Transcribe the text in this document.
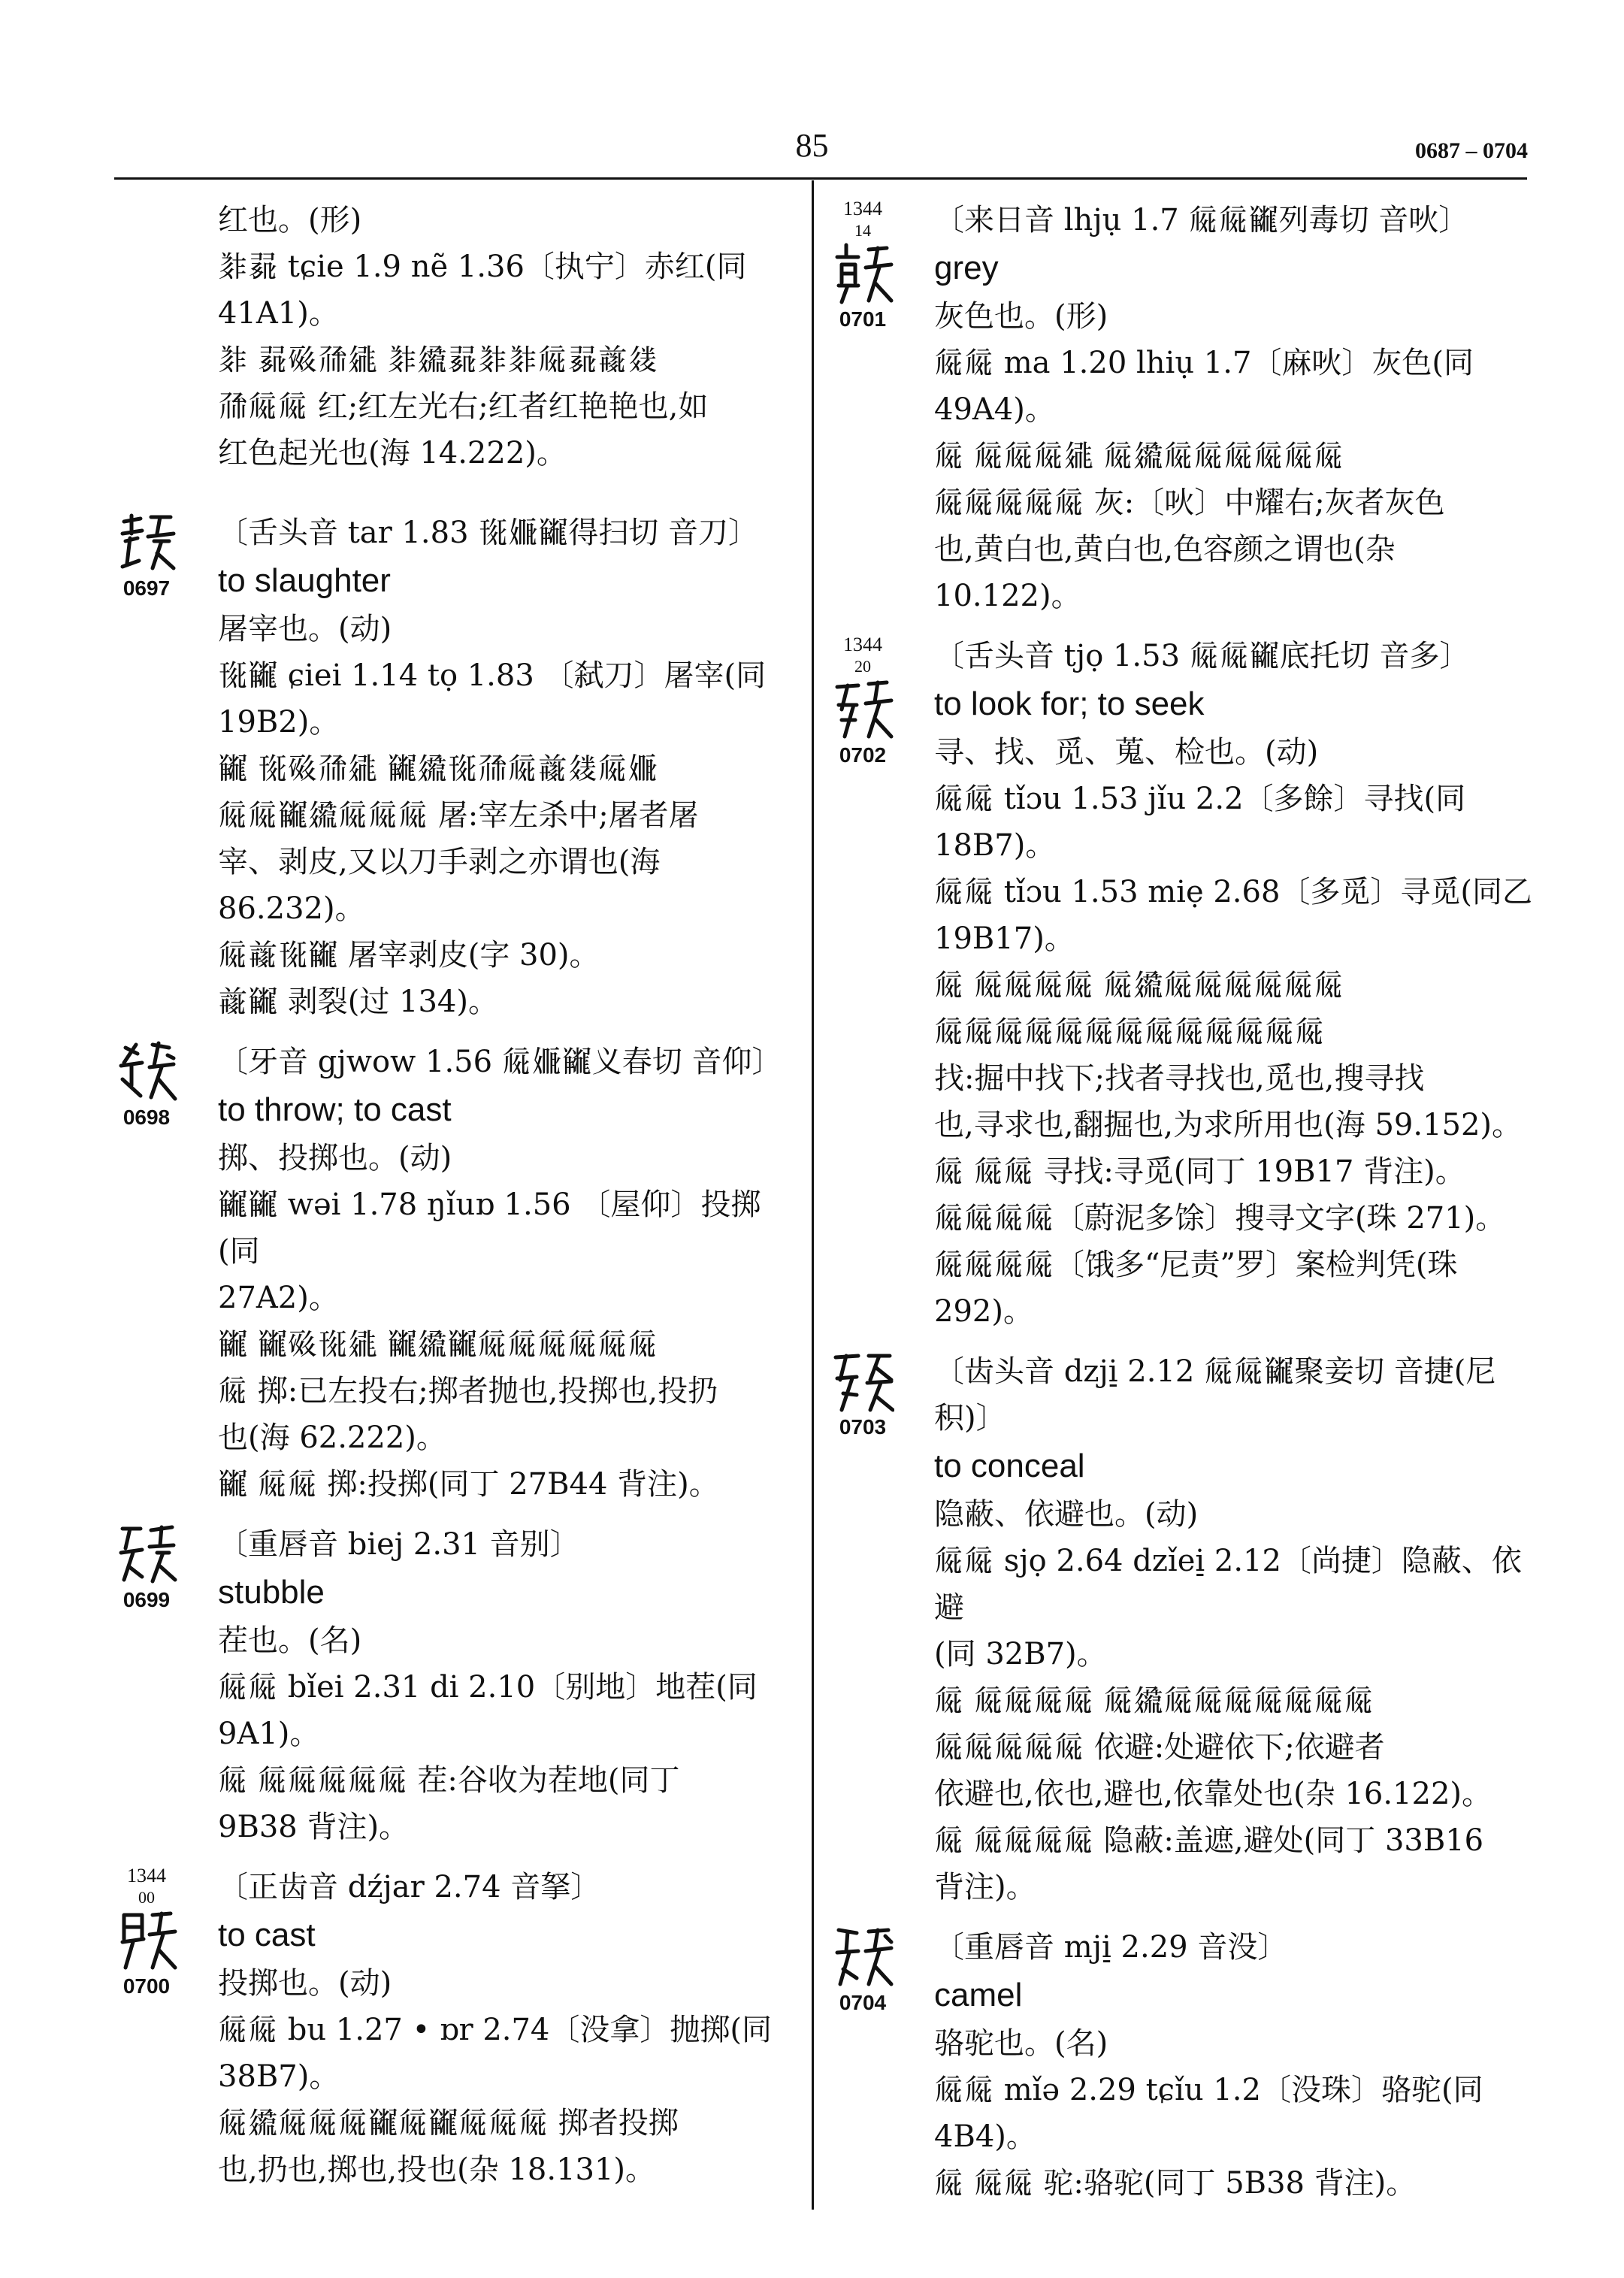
85	0687 – 0704
红也。(形)
𘎳𗰲 tɕie 1.9 nẽ 1.36〔执宁〕赤红(同 41A1)。
𘎳 𗰲𗹚𗗙𗧓 𘎳𗫔𗰲𘎳𘎳𗏁𗰲𗓹𗦿
𗗙𗏁𗏁 红;红左光右;红者红艳艳也,如
红色起光也(海 14.222)。
0697
〔舌头音 tar 1.83 𗍁𗏜𘍛得扫切 音刀〕
to slaughter
屠宰也。(动)
𗍁𘍛 ɕiei 1.14 tọ 1.83 〔弑刀〕屠宰(同
19B2)。
𘍛 𗍁𗹚𗗙𗧓 𘍛𗫔𗍁𗗙𗏁𗓹𗦿𗏁𗏜
𗏁𗏁𘍛𗫔𗏁𗏁𗏁 屠:宰左杀中;屠者屠
宰、剥皮,又以刀手剥之亦谓也(海 86.232)。
𗏁𗓹𗍁𘍛 屠宰剥皮(字 30)。
𗓹𘍛 剥裂(过 134)。
0698
〔牙音 gjwow 1.56 𗏁𗏜𘍛义春切 音仰〕
to throw; to cast
掷、投掷也。(动)
𘍛𘍛 wəi 1.78 ŋǐuɒ 1.56 〔屋仰〕投掷(同
27A2)。
𘍛 𘍛𗹚𗍁𗧓 𘍛𗫔𘍛𗏁𗏁𗏁𗏁𗏁𗏁
𗏁 掷:已左投右;掷者抛也,投掷也,投扔
也(海 62.222)。
𘍛 𗏁𗏁 掷:投掷(同丁 27B44 背注)。
0699
〔重唇音 biej 2.31 音别〕
stubble
茬也。(名)
𗏁𗏁 bǐei 2.31 di 2.10〔别地〕地茬(同 9A1)。
𗏁 𗏁𗏁𗏁𗏁𗏁 茬:谷收为茬地(同丁
9B38 背注)。
1344
00
0700
〔正齿音 dźjar 2.74 音拏〕
to cast
投掷也。(动)
𗏁𗏁 bu 1.27 • ɒr 2.74〔没拿〕抛掷(同 38B7)。
𗏁𗫔𗏁𗏁𗏁𘍛𗏁𘍛𗏁𗏁𗏁 掷者投掷
也,扔也,掷也,投也(杂 18.131)。
1344
14
0701
〔来日音 lhjụ 1.7 𗏁𗏁𘍛列毒切 音吙〕
grey
灰色也。(形)
𗏁𗏁 ma 1.20 lhiụ 1.7〔麻吙〕灰色(同 49A4)。
𗏁 𗏁𗏁𗏁𗧓 𗏁𗫔𗏁𗏁𗏁𗏁𗏁𗏁
𗏁𗏁𗏁𗏁𗏁 灰:〔吙〕中耀右;灰者灰色
也,黄白也,黄白也,色容颜之谓也(杂
10.122)。
1344
20
0702
〔舌头音 tjọ 1.53 𗏁𗏁𘍛底托切 音多〕
to look for; to seek
寻、找、觅、蒐、检也。(动)
𗏁𗏁 tǐɔu 1.53 jǐu 2.2〔多餘〕寻找(同 18B7)。
𗏁𗏁 tǐɔu 1.53 miẹ 2.68〔多觅〕寻觅(同乙
19B17)。
𗏁 𗏁𗏁𗏁𗏁 𗏁𗫔𗏁𗏁𗏁𗏁𗏁𗏁
𗏁𗏁𗏁𗏁𗏁𗏁𗏁𗏁𗏁𗏁𗏁𗏁𗏁
找:掘中找下;找者寻找也,觅也,搜寻找
也,寻求也,翻掘也,为求所用也(海 59.152)。
𗏁 𗏁𗏁 寻找:寻觅(同丁 19B17 背注)。
𗏁𗏁𗏁𗏁〔蔚泥多馀〕搜寻文字(珠 271)。
𗏁𗏁𗏁𗏁〔饿多“尼责”罗〕案检判凭(珠
292)。
0703
〔齿头音 dzji̠ 2.12 𗏁𗏁𘍛聚妾切 音捷(尼
积)〕
to conceal
隐蔽、依避也。(动)
𗏁𗏁 sjọ 2.64 dzǐei̠ 2.12〔尚捷〕隐蔽、依避
(同 32B7)。
𗏁 𗏁𗏁𗏁𗏁 𗏁𗫔𗏁𗏁𗏁𗏁𗏁𗏁𗏁
𗏁𗏁𗏁𗏁𗏁 依避:处避依下;依避者
依避也,依也,避也,依靠处也(杂 16.122)。
𗏁 𗏁𗏁𗏁𗏁 隐蔽:盖遮,避处(同丁 33B16
背注)。
0704
〔重唇音 mji̠ 2.29 音没〕
camel
骆驼也。(名)
𗏁𗏁 mǐə 2.29 tɕǐu 1.2〔没珠〕骆驼(同 4B4)。
𗏁 𗏁𗏁 驼:骆驼(同丁 5B38 背注)。
